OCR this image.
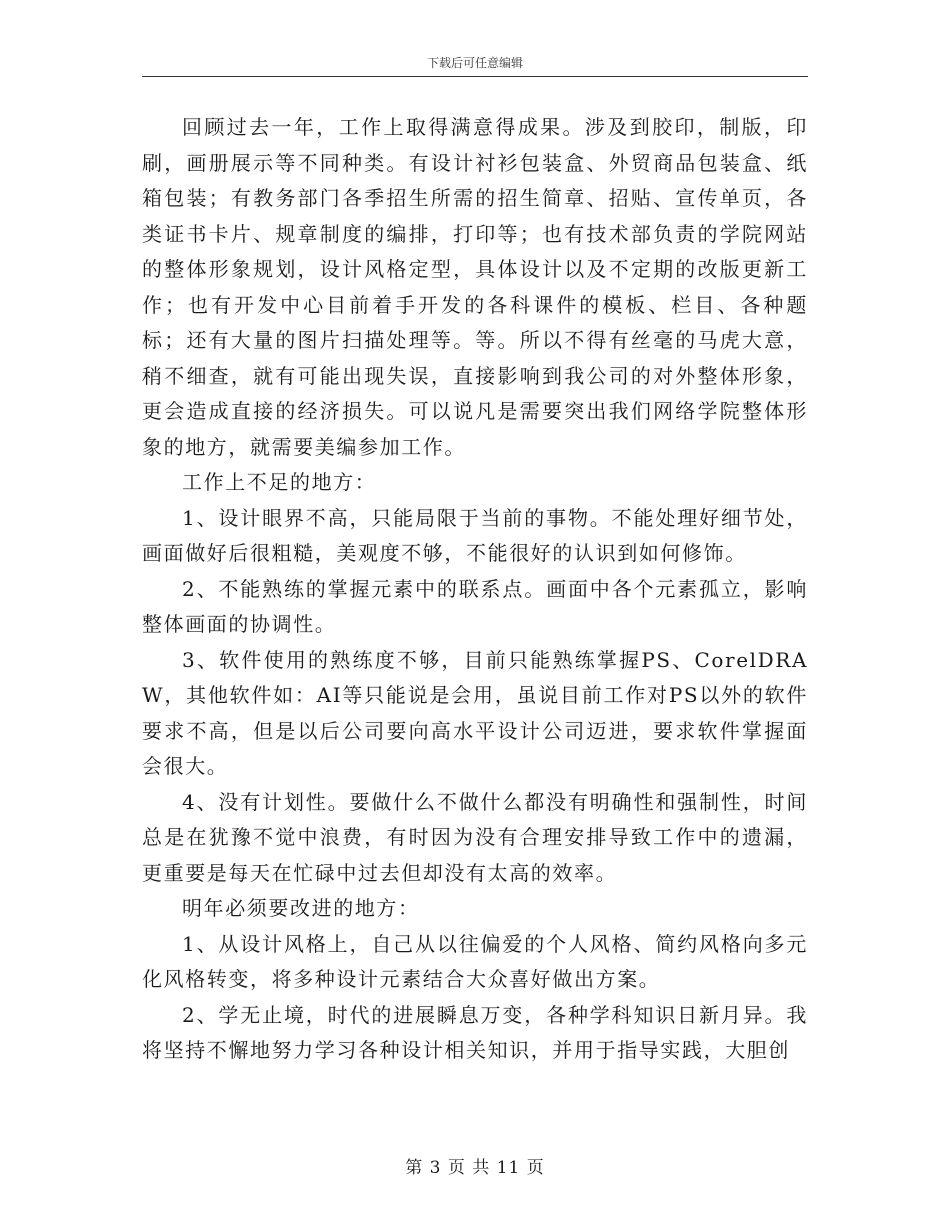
下载后可任意编辑

回顾过去一年，工作上取得满意得成果。涉及到胶印，制版，印刷，画册展示等不同种类。有设计衬衫包装盒、外贸商品包装盒、纸箱包装；有教务部门各季招生所需的招生简章、招贴、宣传单页，各类证书卡片、规章制度的编排，打印等；也有技术部负责的学院网站的整体形象规划，设计风格定型，具体设计以及不定期的改版更新工作；也有开发中心目前着手开发的各科课件的模板、栏目、各种题标；还有大量的图片扫描处理等。等。所以不得有丝毫的马虎大意，稍不细查，就有可能出现失误，直接影响到我公司的对外整体形象，更会造成直接的经济损失。可以说凡是需要突出我们网络学院整体形象的地方，就需要美编参加工作。

工作上不足的地方：

1、设计眼界不高，只能局限于当前的事物。不能处理好细节处，画面做好后很粗糙，美观度不够，不能很好的认识到如何修饰。

2、不能熟练的掌握元素中的联系点。画面中各个元素孤立，影响整体画面的协调性。

3、软件使用的熟练度不够，目前只能熟练掌握PS、CorelDRAW，其他软件如：AI等只能说是会用，虽说目前工作对PS以外的软件要求不高，但是以后公司要向高水平设计公司迈进，要求软件掌握面会很大。

4、没有计划性。要做什么不做什么都没有明确性和强制性，时间总是在犹豫不觉中浪费，有时因为没有合理安排导致工作中的遗漏，更重要是每天在忙碌中过去但却没有太高的效率。

明年必须要改进的地方：

1、从设计风格上，自己从以往偏爱的个人风格、简约风格向多元化风格转变，将多种设计元素结合大众喜好做出方案。

2、学无止境，时代的进展瞬息万变，各种学科知识日新月异。我将坚持不懈地努力学习各种设计相关知识，并用于指导实践，大胆创

第 3 页 共 11 页
